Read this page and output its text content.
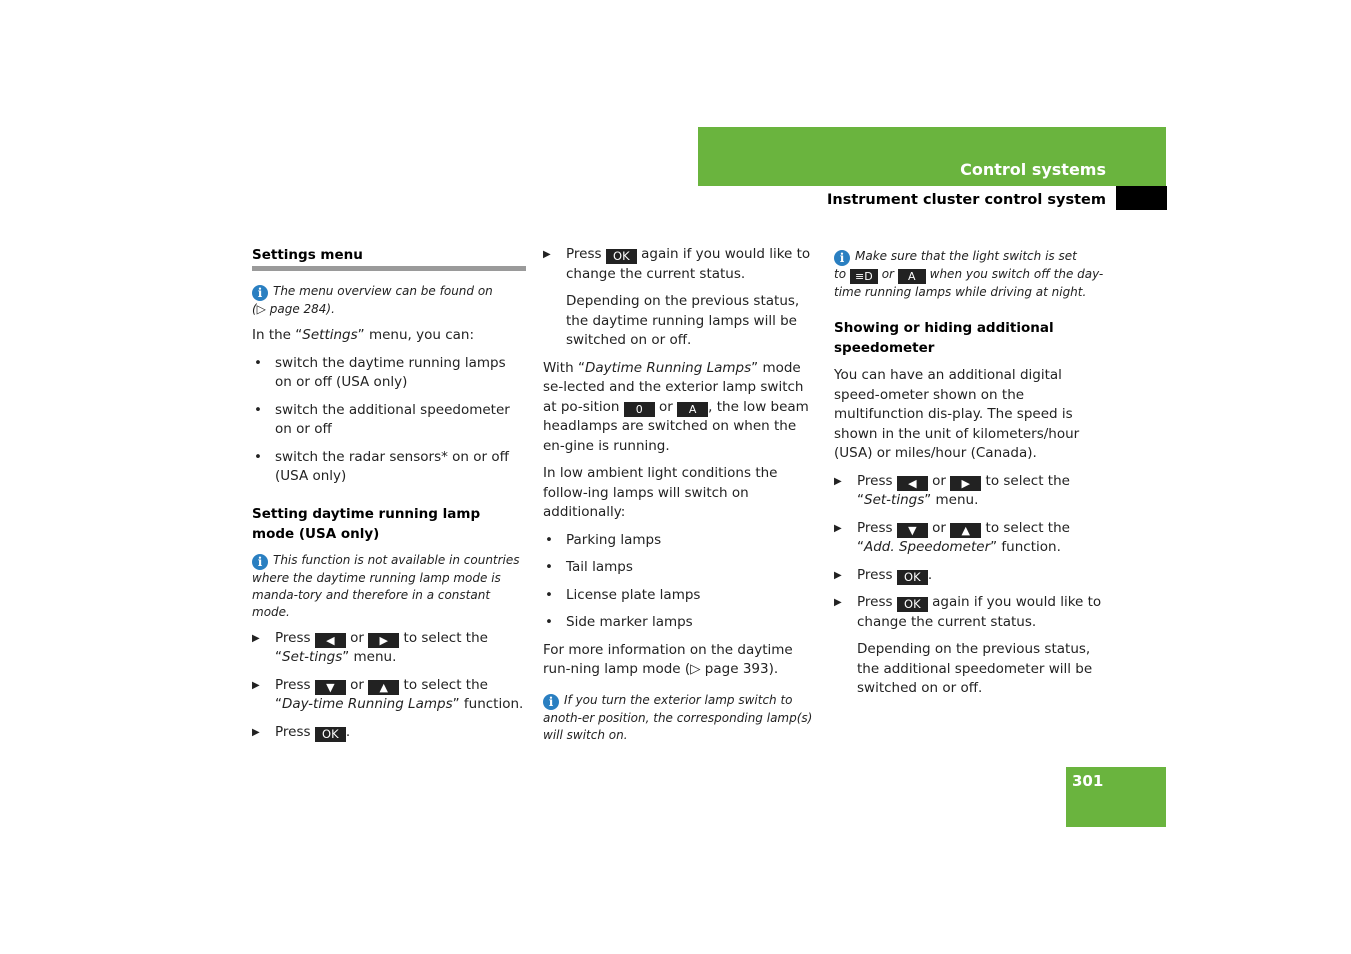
Control systems
Instrument cluster control system
Settings menu
i The menu overview can be found on
(▷ page 284).

In the “Settings” menu, you can:

• switch the daytime running lamps on or off (USA only)
• switch the additional speedometer on or off
• switch the radar sensors* on or off (USA only)
Setting daytime running lamp mode (USA only)
i This function is not available in countries where the daytime running lamp mode is manda-tory and therefore in a constant mode.
▶ Press ◀ or ▶ to select the “Set-tings” menu.
▶ Press ▼ or ▲ to select the “Day-time Running Lamps” function.
▶ Press OK .
▶ Press OK again if you would like to change the current status.

Depending on the previous status, the daytime running lamps will be switched on or off.

With “Daytime Running Lamps” mode se-lected and the exterior lamp switch at po-sition 0 or A , the low beam headlamps are switched on when the en-gine is running.

In low ambient light conditions the follow-ing lamps will switch on additionally:

• Parking lamps
• Tail lamps
• License plate lamps
• Side marker lamps

For more information on the daytime run-ning lamp mode (▷ page 393).

i If you turn the exterior lamp switch to anoth-er position, the corresponding lamp(s) will switch on.
i Make sure that the light switch is set
to ≡D or A when you switch off the day-time running lamps while driving at night.
Showing or hiding additional speedometer

You can have an additional digital speed-ometer shown on the multifunction dis-play. The speed is shown in the unit of kilometers/hour (USA) or miles/hour (Canada).

▶ Press ◀ or ▶ to select the “Set-tings” menu.
▶ Press ▼ or ▲ to select the “Add. Speedometer” function.
▶ Press OK .
▶ Press OK again if you would like to change the current status.

Depending on the previous status, the additional speedometer will be switched on or off.

301
